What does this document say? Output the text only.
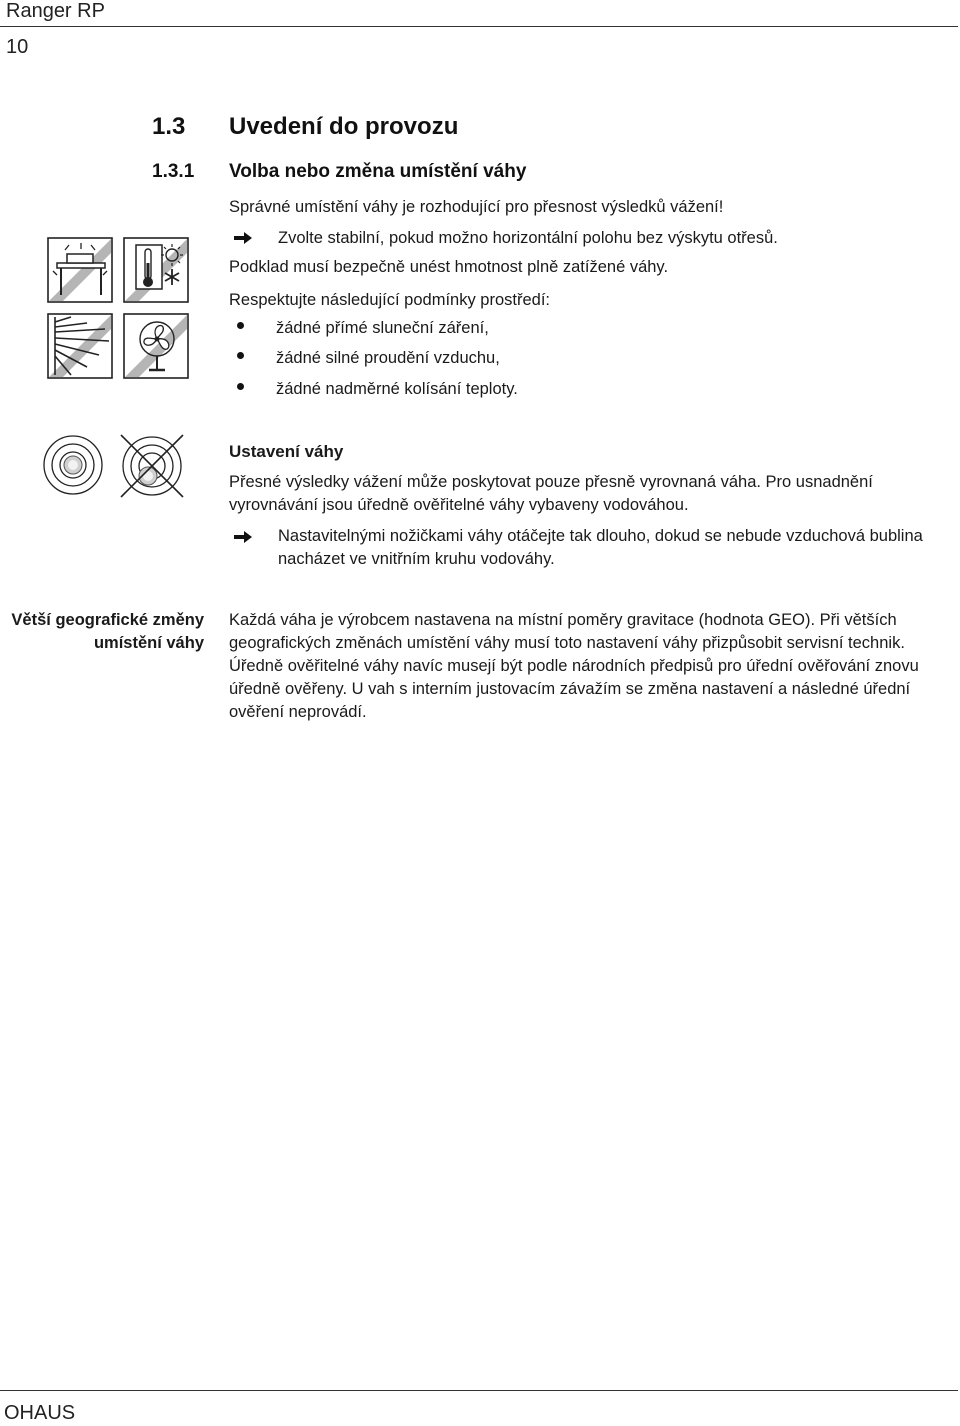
Ranger RP
10
1.3 Uvedení do provozu
1.3.1 Volba nebo změna umístění váhy
Správné umístění váhy je rozhodující pro přesnost výsledků vážení!
Zvolte stabilní, pokud možno horizontální polohu bez výskytu otřesů.
Podklad musí bezpečně unést hmotnost plně zatížené váhy.
Respektujte následující podmínky prostředí:
žádné přímé sluneční záření,
žádné silné proudění vzduchu,
žádné nadměrné kolísání teploty.
Ustavení váhy
Přesné výsledky vážení může poskytovat pouze přesně vyrovnaná váha. Pro usnadnění
vyrovnávání jsou úředně ověřitelné váhy vybaveny vodováhou.
Nastavitelnými nožičkami váhy otáčejte tak dlouho, dokud se nebude vzduchová bublina
nacházet ve vnitřním kruhu vodováhy.
Větší geografické změny
umístění váhy
Každá váha je výrobcem nastavena na místní poměry gravitace (hodnota GEO). Při větších
geografických změnách umístění váhy musí toto nastavení váhy přizpůsobit servisní technik.
Úředně ověřitelné váhy navíc musejí být podle národních předpisů pro úřední ověřování znovu
úředně ověřeny. U vah s interním justovacím závažím se změna nastavení a následné úřední
ověření neprovádí.
OHAUS
